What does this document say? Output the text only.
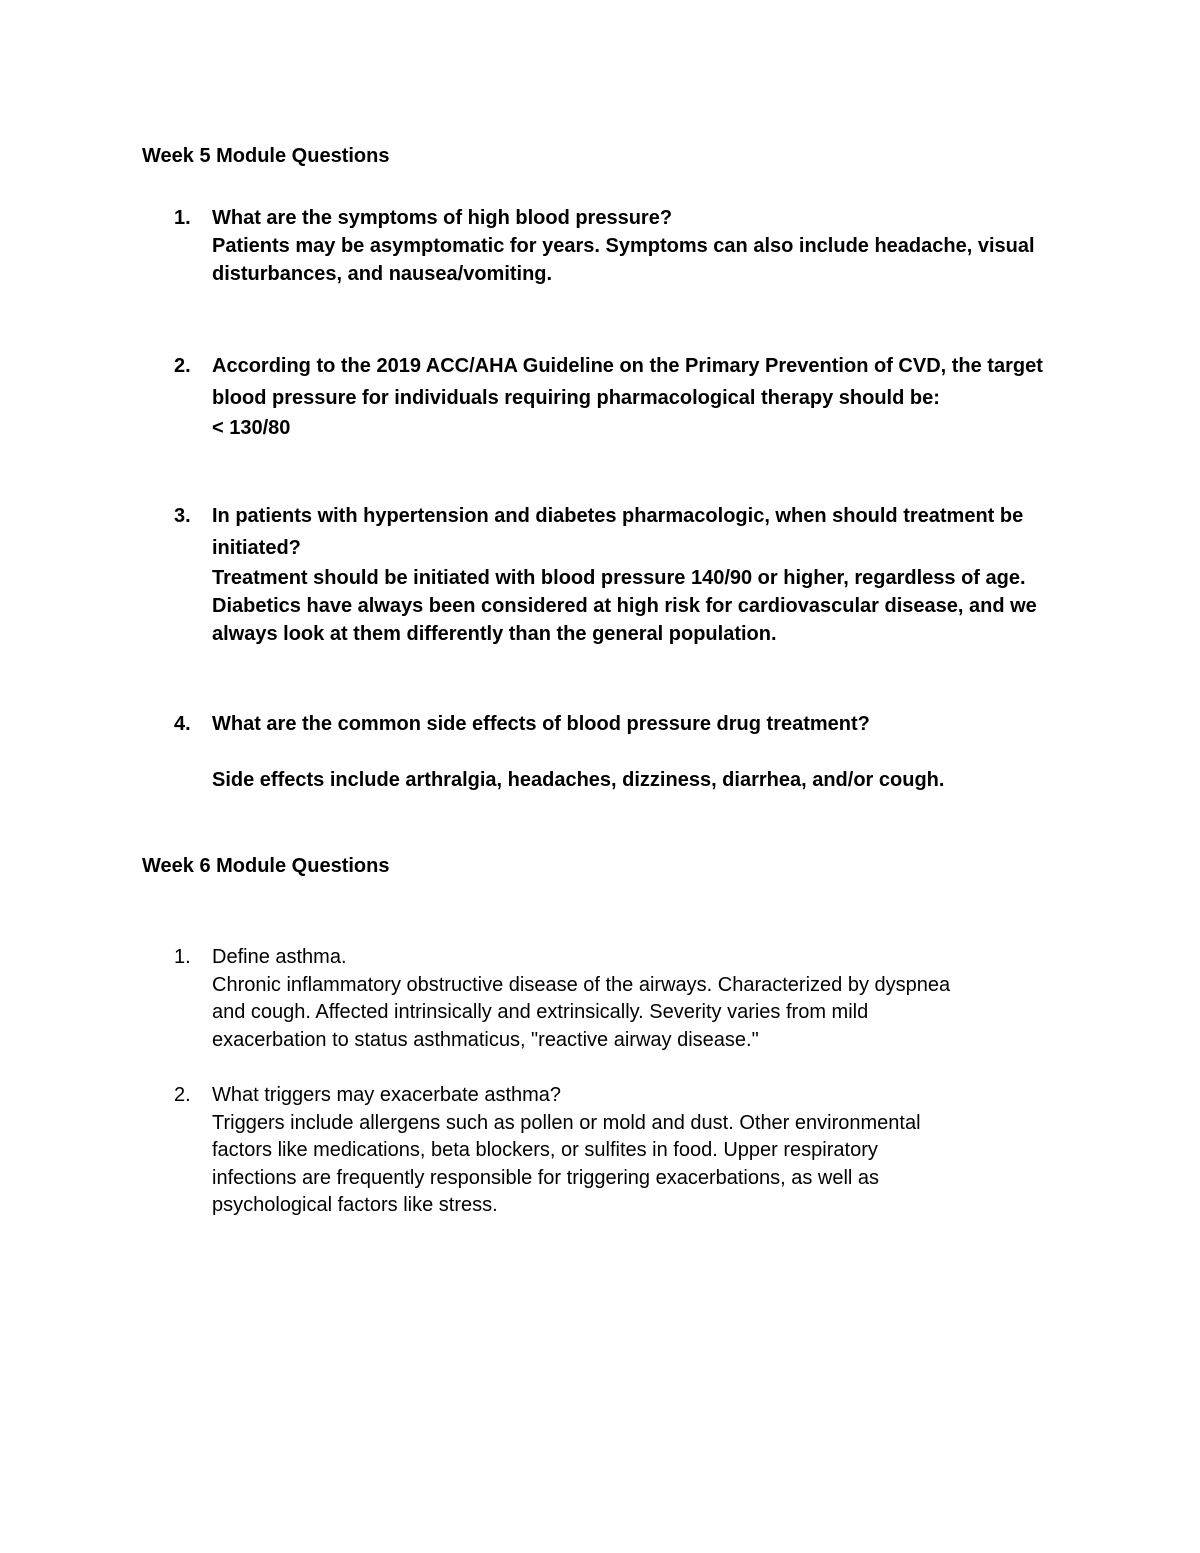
Week 5 Module Questions
1.	What are the symptoms of high blood pressure?
Patients may be asymptomatic for years. Symptoms can also include headache, visual
disturbances, and nausea/vomiting.
2.	According to the 2019 ACC/AHA Guideline on the Primary Prevention of CVD, the target
blood pressure for individuals requiring pharmacological therapy should be:
< 130/80
3.	In patients with hypertension and diabetes pharmacologic, when should treatment be
initiated?
Treatment should be initiated with blood pressure 140/90 or higher, regardless of age.
Diabetics have always been considered at high risk for cardiovascular disease, and we
always look at them differently than the general population.
4.	What are the common side effects of blood pressure drug treatment?
Side effects include arthralgia, headaches, dizziness, diarrhea, and/or cough.
Week 6 Module Questions
1.	Define asthma.
Chronic inflammatory obstructive disease of the airways. Characterized by dyspnea
and cough. Affected intrinsically and extrinsically. Severity varies from mild
exacerbation to status asthmaticus, "reactive airway disease."
2.	What triggers may exacerbate asthma?
Triggers include allergens such as pollen or mold and dust. Other environmental
factors like medications, beta blockers, or sulfites in food. Upper respiratory
infections are frequently responsible for triggering exacerbations, as well as
psychological factors like stress.
